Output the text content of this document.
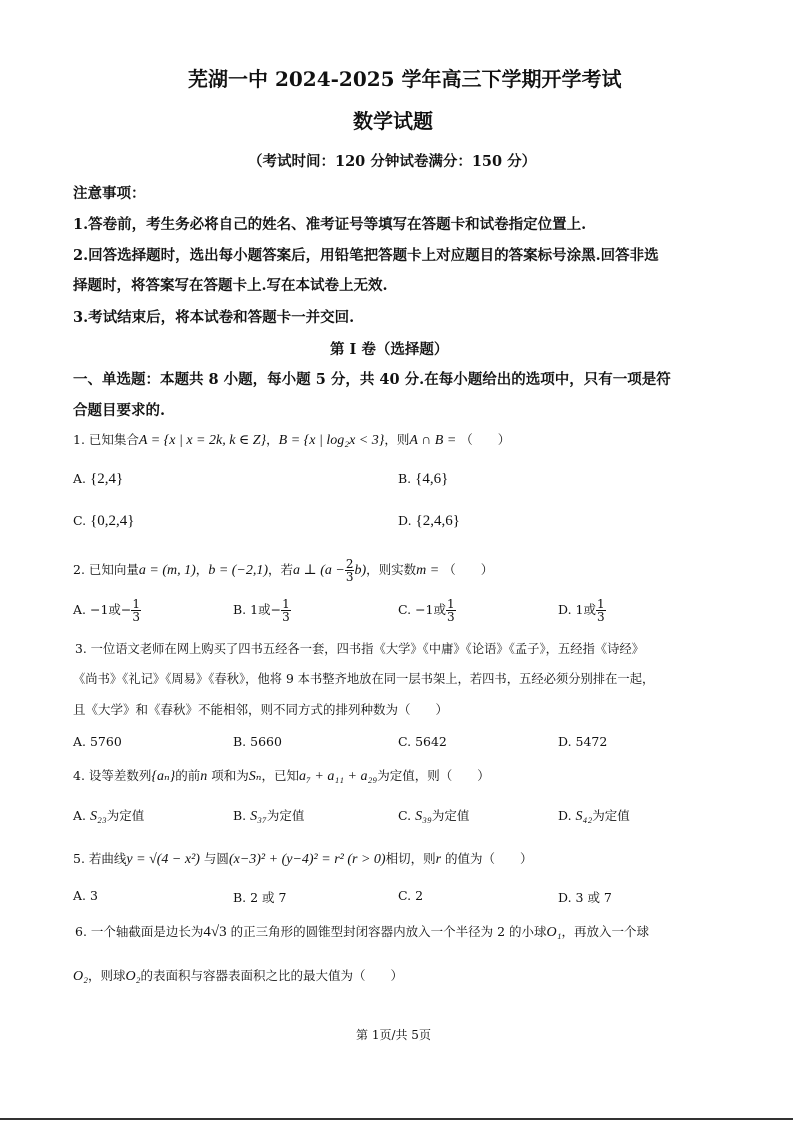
芜湖一中 2024-2025 学年高三下学期开学考试
数学试题
（考试时间：120 分钟试卷满分：150 分）
注意事项：
1.答卷前，考生务必将自己的姓名、准考证号等填写在答题卡和试卷指定位置上.
2.回答选择题时，选出每小题答案后，用铅笔把答题卡上对应题目的答案标号涂黑.回答非选
择题时，将答案写在答题卡上.写在本试卷上无效.
3.考试结束后，将本试卷和答题卡一并交回.
第 I 卷（选择题）
一、单选题：本题共 8 小题，每小题 5 分，共 40 分.在每小题给出的选项中，只有一项是符
合题目要求的.
1. 已知集合A = {x | x = 2k, k ∈ Z}，B = {x | log₂x < 3}，则A ∩ B = （　　）
A. {2,4}	B. {4,6}
C. {0,2,4}	D. {2,4,6}
2. 已知向量a = (m, 1)，b = (−2,1)，若a ⊥ $(a - \frac{2}{3} b)$，则实数m = （　　）
A. −1或− $\frac{1}{3}$	B. 1或− $\frac{1}{3}$	C. −1或 $\frac{1}{3}$	D. 1或 $\frac{1}{3}$
3. 一位语文老师在网上购买了四书五经各一套，四书指《大学》《中庸》《论语》《孟子》，五经指《诗经》
《尚书》《礼记》《周易》《春秋》，他将 9 本书整齐地放在同一层书架上，若四书，五经必须分别排在一起，
且《大学》和《春秋》不能相邻，则不同方式的排列种数为（　　）
A. 5760	B. 5660	C. 5642	D. 5472
4. 设等差数列{aₙ}的前n 项和为Sₙ，已知a₇ + a₁₁ + a₂₉为定值，则（　　）
A. S₂₃为定值	B. S₃₇为定值	C. S₃₉为定值	D. S₄₂为定值
5. 若曲线y = √(4 − x²) 与圆(x−3)² + (y−4)² = r² (r > 0)相切，则r 的值为（　　）
A. 3	B. 2 或 7	C. 2	D. 3 或 7
6. 一个轴截面是边长为4√3 的正三角形的圆锥型封闭容器内放入一个半径为 2 的小球O₁，再放入一个球
O₂，则球O₂的表面积与容器表面积之比的最大值为（　　）
第 1页/共 5页
